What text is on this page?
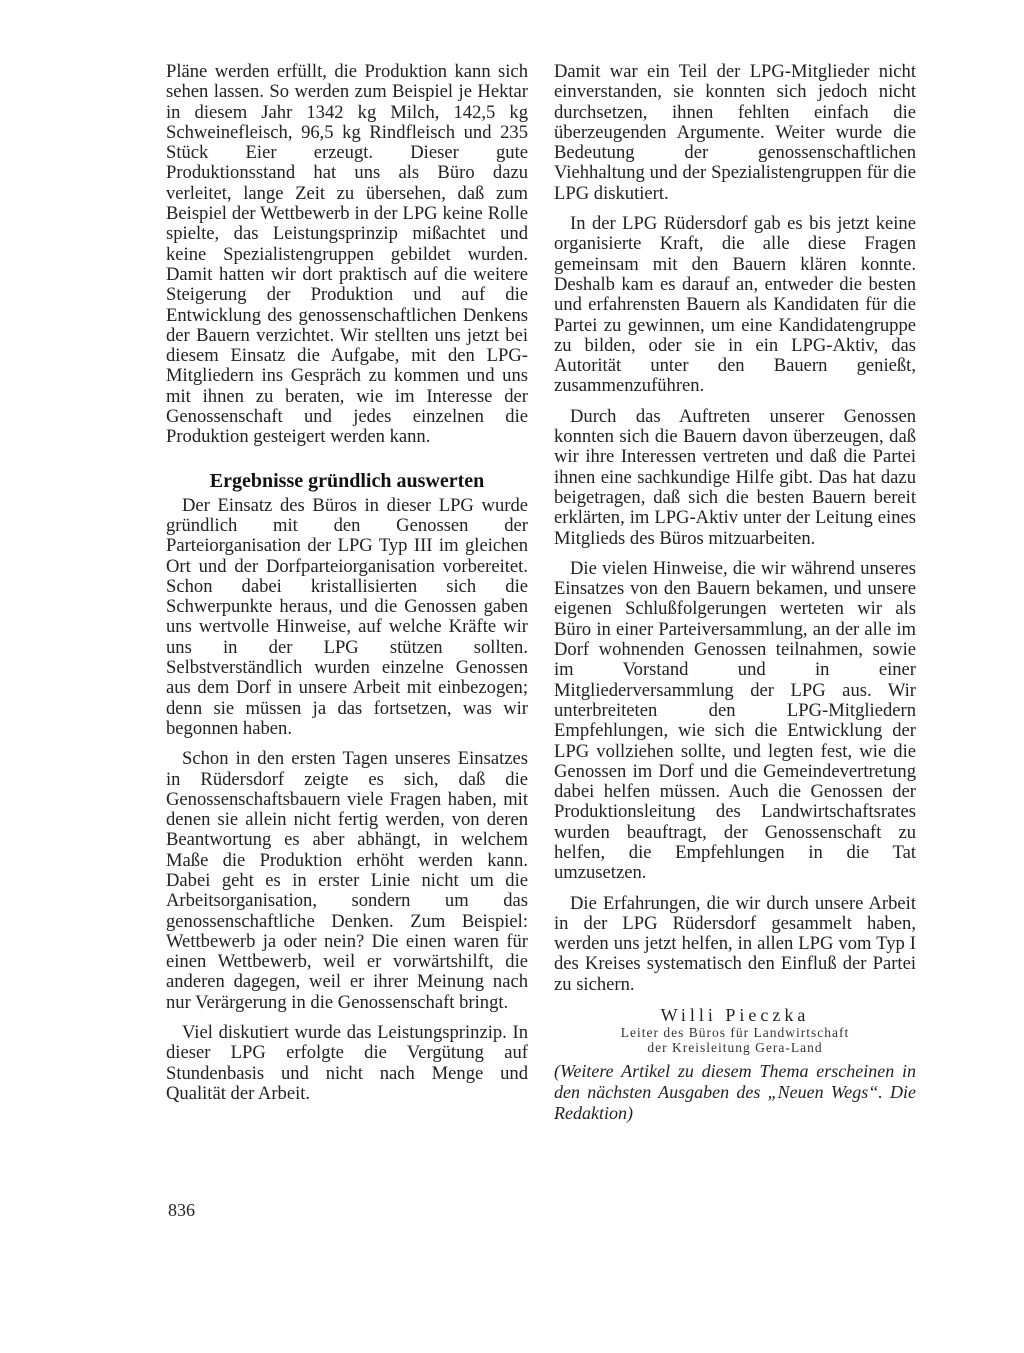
Pläne werden erfüllt, die Produktion kann sich sehen lassen. So werden zum Beispiel je Hektar in diesem Jahr 1342 kg Milch, 142,5 kg Schweinefleisch, 96,5 kg Rindfleisch und 235 Stück Eier erzeugt. Dieser gute Produktionsstand hat uns als Büro dazu verleitet, lange Zeit zu übersehen, daß zum Beispiel der Wettbewerb in der LPG keine Rolle spielte, das Leistungsprinzip mißachtet und keine Spezialistengruppen gebildet wurden. Damit hatten wir dort praktisch auf die weitere Steigerung der Produktion und auf die Entwicklung des genossenschaftlichen Denkens der Bauern verzichtet. Wir stellten uns jetzt bei diesem Einsatz die Aufgabe, mit den LPG-Mitgliedern ins Gespräch zu kommen und uns mit ihnen zu beraten, wie im Interesse der Genossenschaft und jedes einzelnen die Produktion gesteigert werden kann.

Ergebnisse gründlich auswerten

Der Einsatz des Büros in dieser LPG wurde gründlich mit den Genossen der Parteiorganisation der LPG Typ III im gleichen Ort und der Dorfparteiorganisation vorbereitet. Schon dabei kristallisierten sich die Schwerpunkte heraus, und die Genossen gaben uns wertvolle Hinweise, auf welche Kräfte wir uns in der LPG stützen sollten. Selbstverständlich wurden einzelne Genossen aus dem Dorf in unsere Arbeit mit einbezogen; denn sie müssen ja das fortsetzen, was wir begonnen haben.

Schon in den ersten Tagen unseres Einsatzes in Rüdersdorf zeigte es sich, daß die Genossenschaftsbauern viele Fragen haben, mit denen sie allein nicht fertig werden, von deren Beantwortung es aber abhängt, in welchem Maße die Produktion erhöht werden kann. Dabei geht es in erster Linie nicht um die Arbeitsorganisation, sondern um das genossenschaftliche Denken. Zum Beispiel: Wettbewerb ja oder nein? Die einen waren für einen Wettbewerb, weil er vorwärtshilft, die anderen dagegen, weil er ihrer Meinung nach nur Verärgerung in die Genossenschaft bringt.

Viel diskutiert wurde das Leistungsprinzip. In dieser LPG erfolgte die Vergütung auf Stundenbasis und nicht nach Menge und Qualität der Arbeit.

Damit war ein Teil der LPG-Mitglieder nicht einverstanden, sie konnten sich jedoch nicht durchsetzen, ihnen fehlten einfach die überzeugenden Argumente. Weiter wurde die Bedeutung der genossenschaftlichen Viehhaltung und der Spezialistengruppen für die LPG diskutiert.

In der LPG Rüdersdorf gab es bis jetzt keine organisierte Kraft, die alle diese Fragen gemeinsam mit den Bauern klären konnte. Deshalb kam es darauf an, entweder die besten und erfahrensten Bauern als Kandidaten für die Partei zu gewinnen, um eine Kandidatengruppe zu bilden, oder sie in ein LPG-Aktiv, das Autorität unter den Bauern genießt, zusammenzuführen.

Durch das Auftreten unserer Genossen konnten sich die Bauern davon überzeugen, daß wir ihre Interessen vertreten und daß die Partei ihnen eine sachkundige Hilfe gibt. Das hat dazu beigetragen, daß sich die besten Bauern bereit erklärten, im LPG-Aktiv unter der Leitung eines Mitglieds des Büros mitzuarbeiten.

Die vielen Hinweise, die wir während unseres Einsatzes von den Bauern bekamen, und unsere eigenen Schlußfolgerungen werteten wir als Büro in einer Parteiversammlung, an der alle im Dorf wohnenden Genossen teilnahmen, sowie im Vorstand und in einer Mitgliederversammlung der LPG aus. Wir unterbreiteten den LPG-Mitgliedern Empfehlungen, wie sich die Entwicklung der LPG vollziehen sollte, und legten fest, wie die Genossen im Dorf und die Gemeindevertretung dabei helfen müssen. Auch die Genossen der Produktionsleitung des Landwirtschaftsrates wurden beauftragt, der Genossenschaft zu helfen, die Empfehlungen in die Tat umzusetzen.

Die Erfahrungen, die wir durch unsere Arbeit in der LPG Rüdersdorf gesammelt haben, werden uns jetzt helfen, in allen LPG vom Typ I des Kreises systematisch den Einfluß der Partei zu sichern.

Willi Pieczka
Leiter des Büros für Landwirtschaft
der Kreisleitung Gera-Land
(Weitere Artikel zu diesem Thema erscheinen in den nächsten Ausgaben des „Neuen Wegs“. Die Redaktion)
836
